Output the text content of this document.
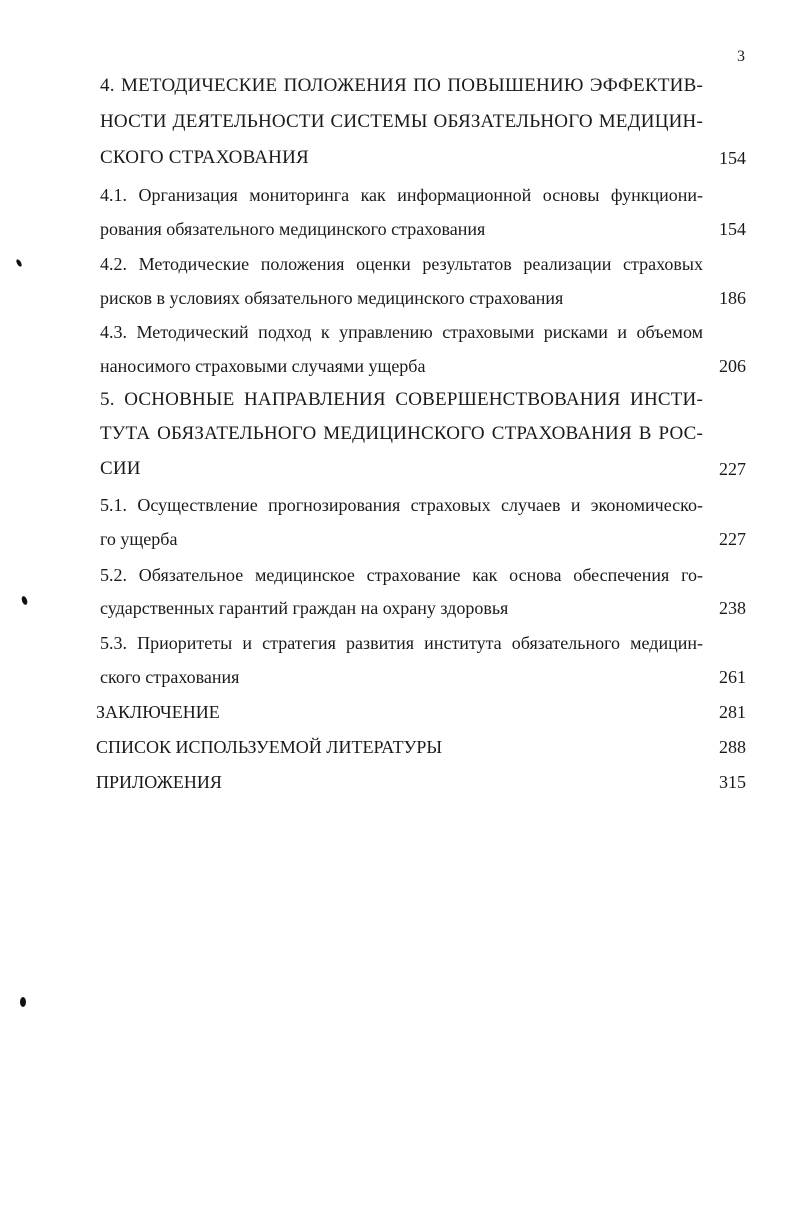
3
4. МЕТОДИЧЕСКИЕ ПОЛОЖЕНИЯ ПО ПОВЫШЕНИЮ ЭФФЕКТИВ-
НОСТИ ДЕЯТЕЛЬНОСТИ СИСТЕМЫ ОБЯЗАТЕЛЬНОГО МЕДИЦИН-
СКОГО СТРАХОВАНИЯ	154
4.1. Организация мониторинга как информационной основы функциони-
рования обязательного медицинского страхования	154
4.2. Методические положения оценки результатов реализации страховых
рисков в условиях обязательного медицинского страхования	186
4.3. Методический подход к управлению страховыми рисками и объемом
наносимого страховыми случаями ущерба	206
5. ОСНОВНЫЕ НАПРАВЛЕНИЯ СОВЕРШЕНСТВОВАНИЯ ИНСТИ-
ТУТА ОБЯЗАТЕЛЬНОГО МЕДИЦИНСКОГО СТРАХОВАНИЯ В РОС-
СИИ	227
5.1. Осуществление прогнозирования страховых случаев и экономическо-
го ущерба	227
5.2. Обязательное медицинское страхование как основа обеспечения го-
сударственных гарантий граждан на охрану здоровья	238
5.3. Приоритеты и стратегия развития института обязательного медицин-
ского страхования	261
ЗАКЛЮЧЕНИЕ	281
СПИСОК ИСПОЛЬЗУЕМОЙ ЛИТЕРАТУРЫ	288
ПРИЛОЖЕНИЯ	315
